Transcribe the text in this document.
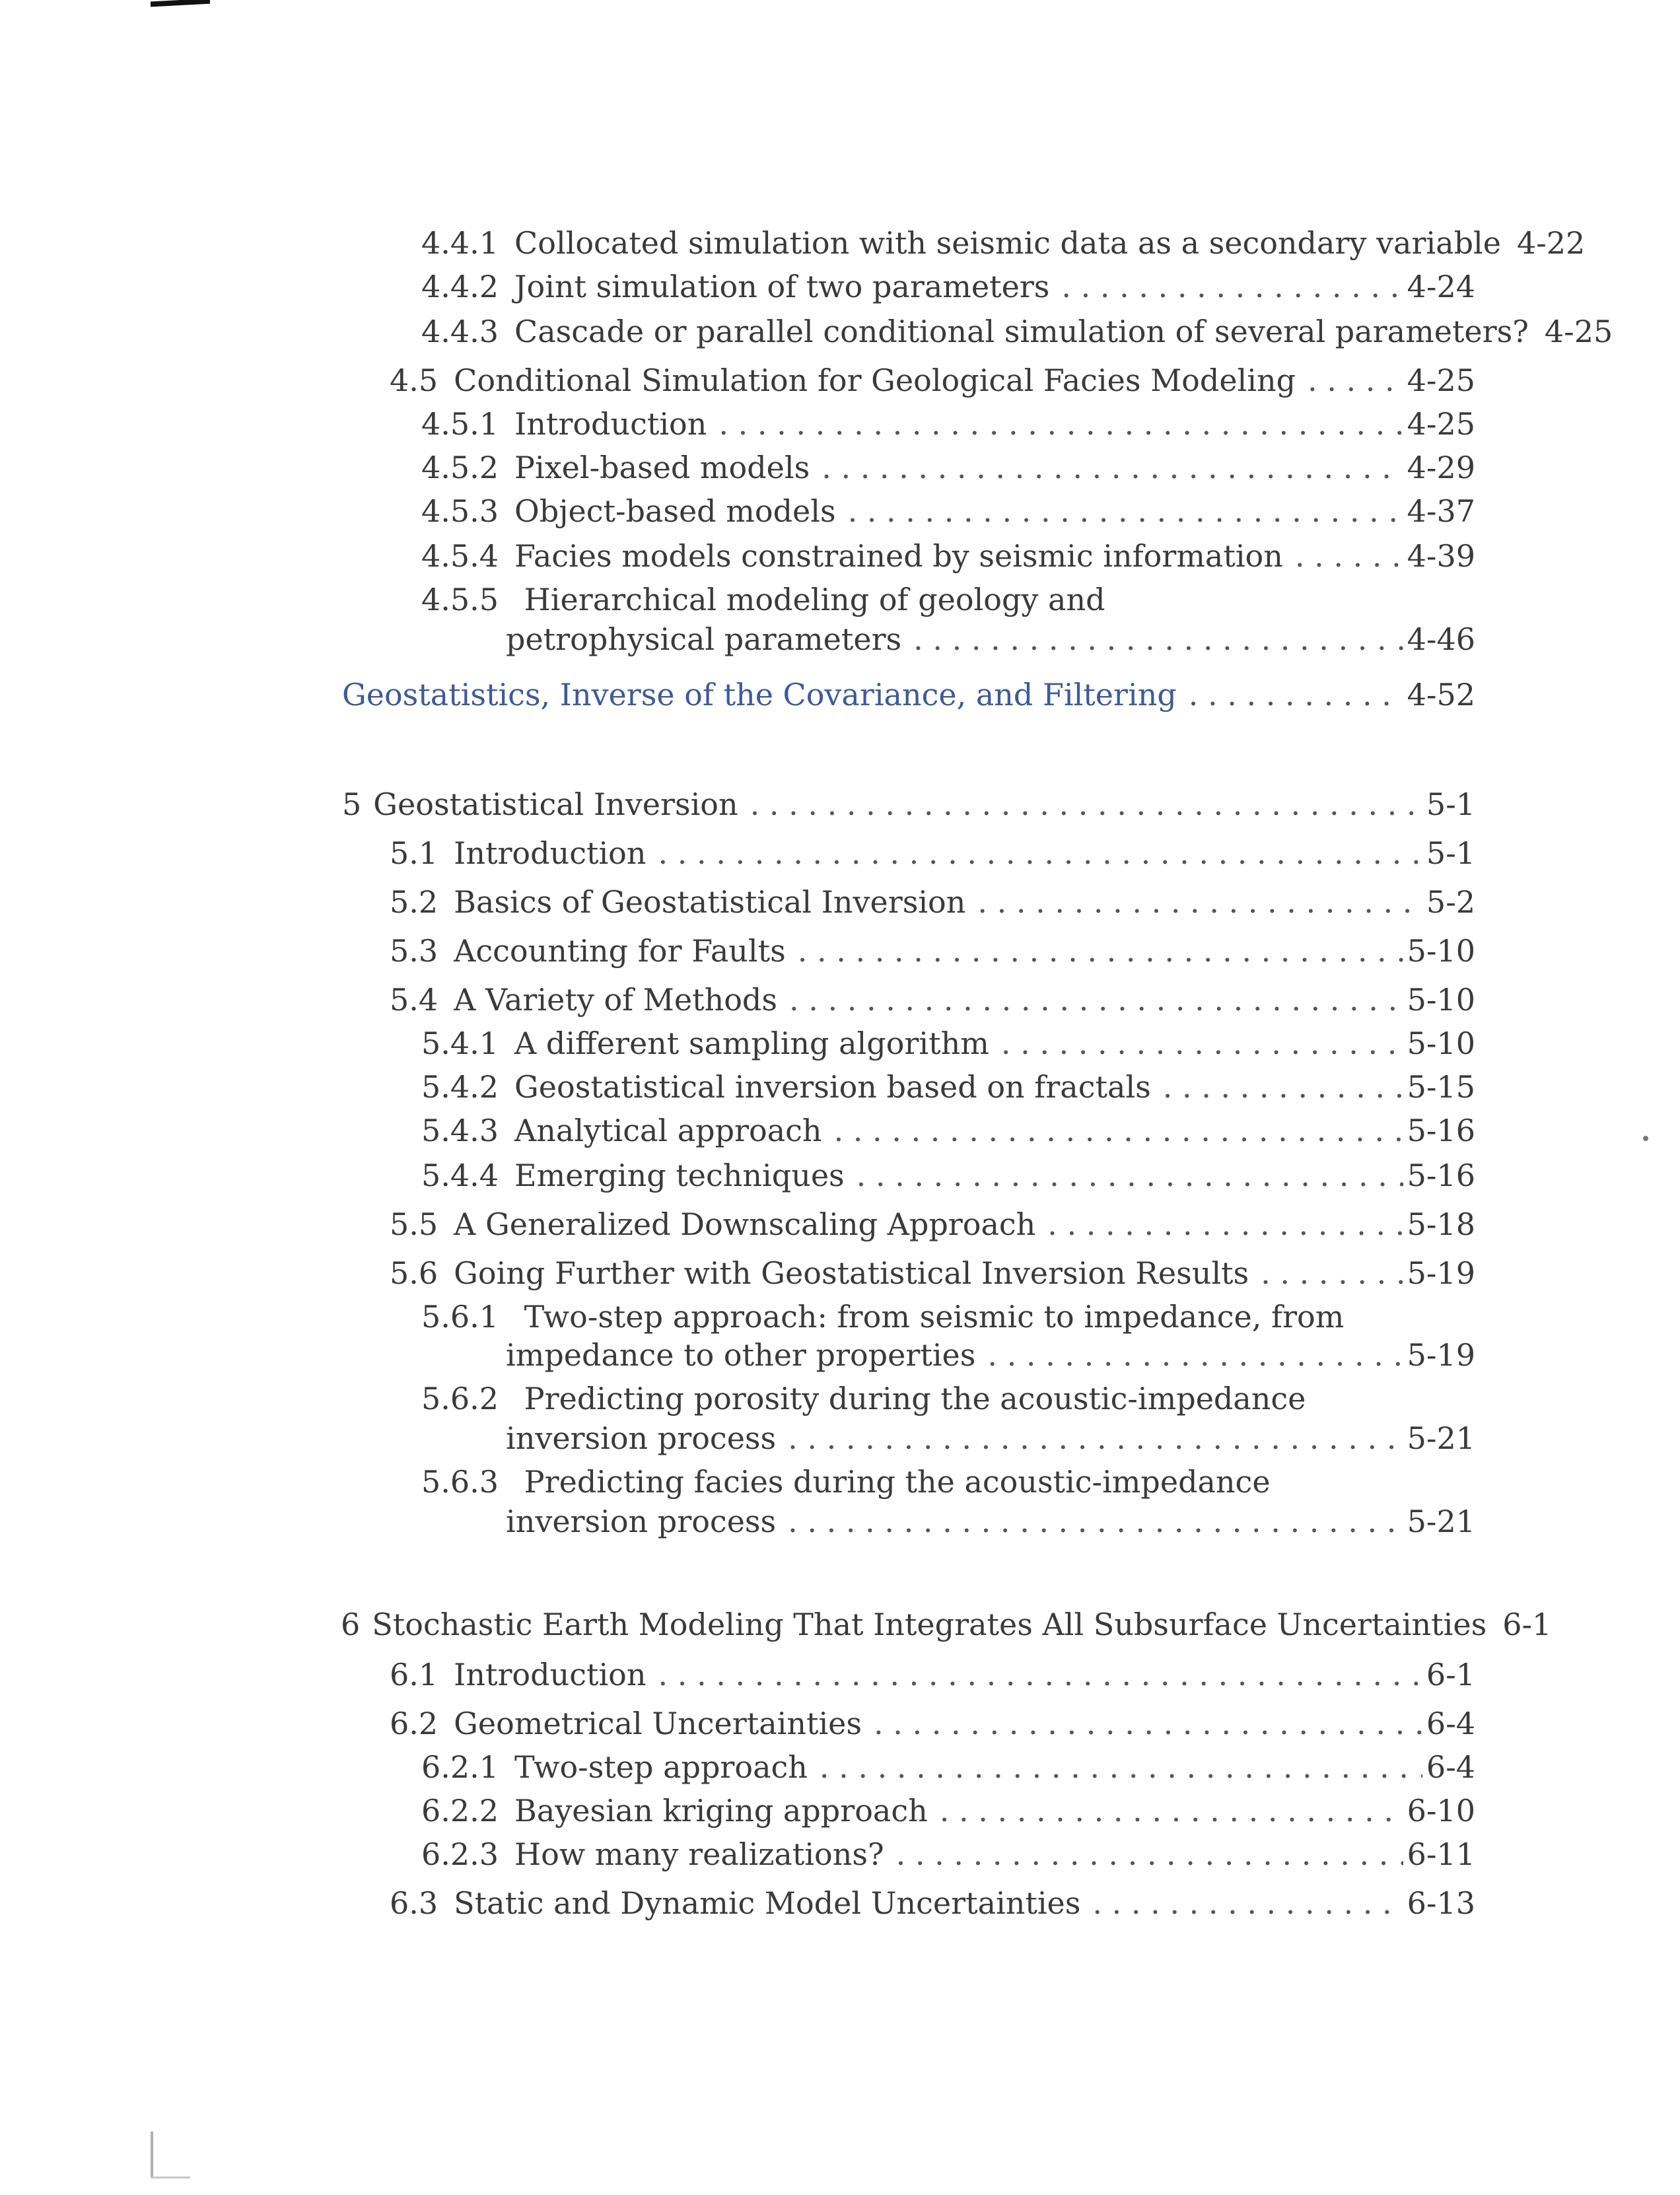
4.4.1 Collocated simulation with seismic data as a secondary variable 4-22
4.4.2 Joint simulation of two parameters . . .	4-24
4.4.3 Cascade or parallel conditional simulation of several parameters? 4-25
4.5 Conditional Simulation for Geological Facies Modeling . . .	4-25
4.5.1 Introduction . . .	4-25
4.5.2 Pixel-based models . . .	4-29
4.5.3 Object-based models . . .	4-37
4.5.4 Facies models constrained by seismic information . . .	4-39
4.5.5 Hierarchical modeling of geology and
petrophysical parameters . . .	4-46
Geostatistics, Inverse of the Covariance, and Filtering . . .	4-52
5 Geostatistical Inversion . . .	5-1
5.1 Introduction . . .	5-1
5.2 Basics of Geostatistical Inversion . . .	5-2
5.3 Accounting for Faults . . .	5-10
5.4 A Variety of Methods . . .	5-10
5.4.1 A different sampling algorithm . . .	5-10
5.4.2 Geostatistical inversion based on fractals . . .	5-15
5.4.3 Analytical approach . . .	5-16
5.4.4 Emerging techniques . . .	5-16
5.5 A Generalized Downscaling Approach . . .	5-18
5.6 Going Further with Geostatistical Inversion Results . . .	5-19
5.6.1 Two-step approach: from seismic to impedance, from
impedance to other properties . . .	5-19
5.6.2 Predicting porosity during the acoustic-impedance
inversion process . . .	5-21
5.6.3 Predicting facies during the acoustic-impedance
inversion process . . .	5-21
6 Stochastic Earth Modeling That Integrates All Subsurface Uncertainties 6-1
6.1 Introduction . . .	6-1
6.2 Geometrical Uncertainties . . .	6-4
6.2.1 Two-step approach . . .	6-4
6.2.2 Bayesian kriging approach . . .	6-10
6.2.3 How many realizations? . . .	6-11
6.3 Static and Dynamic Model Uncertainties . . .	6-13
